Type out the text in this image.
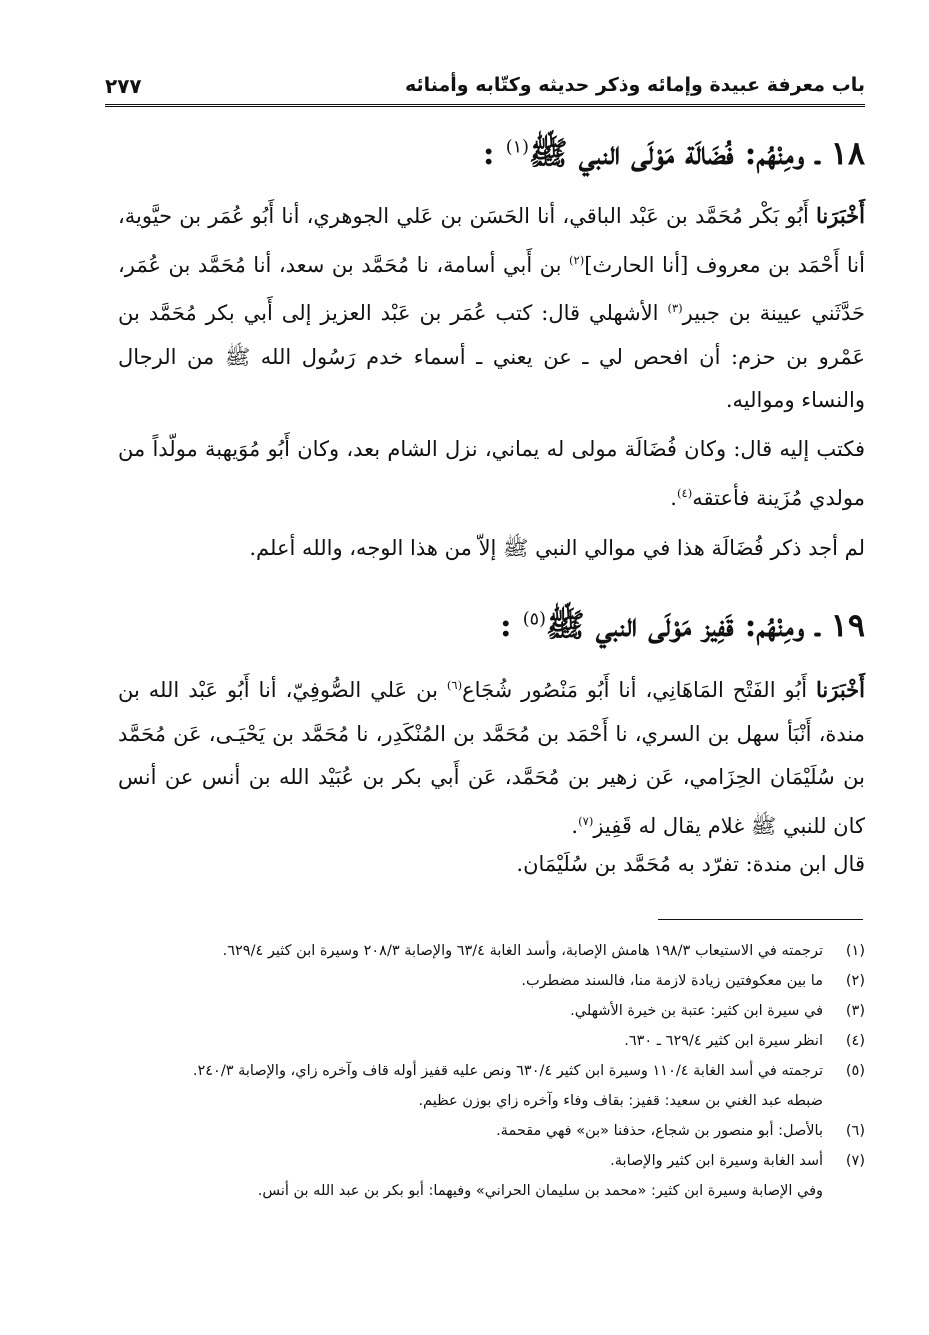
باب معرفة عبيدة وإمائه وذكر حديثه وكتّابه وأمنائه
٢٧٧
١٨ ـ ومِنْهُم: فُضَالَة مَوْلَى النبي ﷺ$^{(١)}$ :
أَخْبَرَنا أَبُو بَكْر مُحَمَّد بن عَبْد الباقي، أنا الحَسَن بن عَلي الجوهري، أنا أَبُو عُمَر بن حيَّوية، أنا أَحْمَد بن معروف [أنا الحارث]$^{(٢)}$ بن أَبي أسامة، نا مُحَمَّد بن سعد، أنا مُحَمَّد بن عُمَر، حَدَّثَني عيينة بن جبير$^{(٣)}$ الأشهلي قال: كتب عُمَر بن عَبْد العزيز إلى أَبي بكر مُحَمَّد بن عَمْرو بن حزم: أن افحص لي ـ عن يعني ـ أسماء خدم رَسُول الله ﷺ من الرجال والنساء ومواليه.
فكتب إليه قال: وكان فُضَالَة مولى له يماني، نزل الشام بعد، وكان أَبُو مُوَيهبة مولّداً من مولدي مُزَينة فأعتقه$^{(٤)}$.
لم أجد ذكر فُضَالَة هذا في موالي النبي ﷺ إلاّ من هذا الوجه، والله أعلم.
١٩ ـ ومِنْهُم: قَفِيز مَوْلَى النبي ﷺ$^{(٥)}$ :
أَخْبَرَنا أَبُو الفَتْح المَاهَانِي، أنا أَبُو مَنْصُور شُجَاع$^{(٦)}$ بن عَلي الصُّوفِيّ، أنا أَبُو عَبْد الله بن مندة، أَنْبَأ سهل بن السري، نا أَحْمَد بن مُحَمَّد بن المُنْكَدِر، نا مُحَمَّد بن يَحْيَـى، عَن مُحَمَّد بن سُلَيْمَان الحِزَامي، عَن زهير بن مُحَمَّد، عَن أَبي بكر بن عُبَيْد الله بن أنس عن أنس كان للنبي ﷺ غلام يقال له قَفِيز$^{(٧)}$.
قال ابن مندة: تفرّد به مُحَمَّد بن سُلَيْمَان.
(١)
ترجمته في الاستيعاب ١٩٨/٣ هامش الإصابة، وأسد الغابة ٦٣/٤ والإصابة ٢٠٨/٣ وسيرة ابن كثير ٦٢٩/٤.
(٢)
ما بين معكوفتين زيادة لازمة منا، فالسند مضطرب.
(٣)
في سيرة ابن كثير: عتبة بن خيرة الأشهلي.
(٤)
انظر سيرة ابن كثير ٦٢٩/٤ ـ ٦٣٠.
(٥)
ترجمته في أسد الغابة ١١٠/٤ وسيرة ابن كثير ٦٣٠/٤ ونص عليه قفيز أوله قاف وآخره زاي، والإصابة ٢٤٠/٣.
ضبطه عبد الغني بن سعيد: قفيز: بقاف وفاء وآخره زاي بوزن عظيم.
(٦)
بالأصل: أبو منصور بن شجاع، حذفنا «بن» فهي مقحمة.
(٧)
أسد الغابة وسيرة ابن كثير والإصابة.
وفي الإصابة وسيرة ابن كثير: «محمد بن سليمان الحراني» وفيهما: أبو بكر بن عبد الله بن أنس.
